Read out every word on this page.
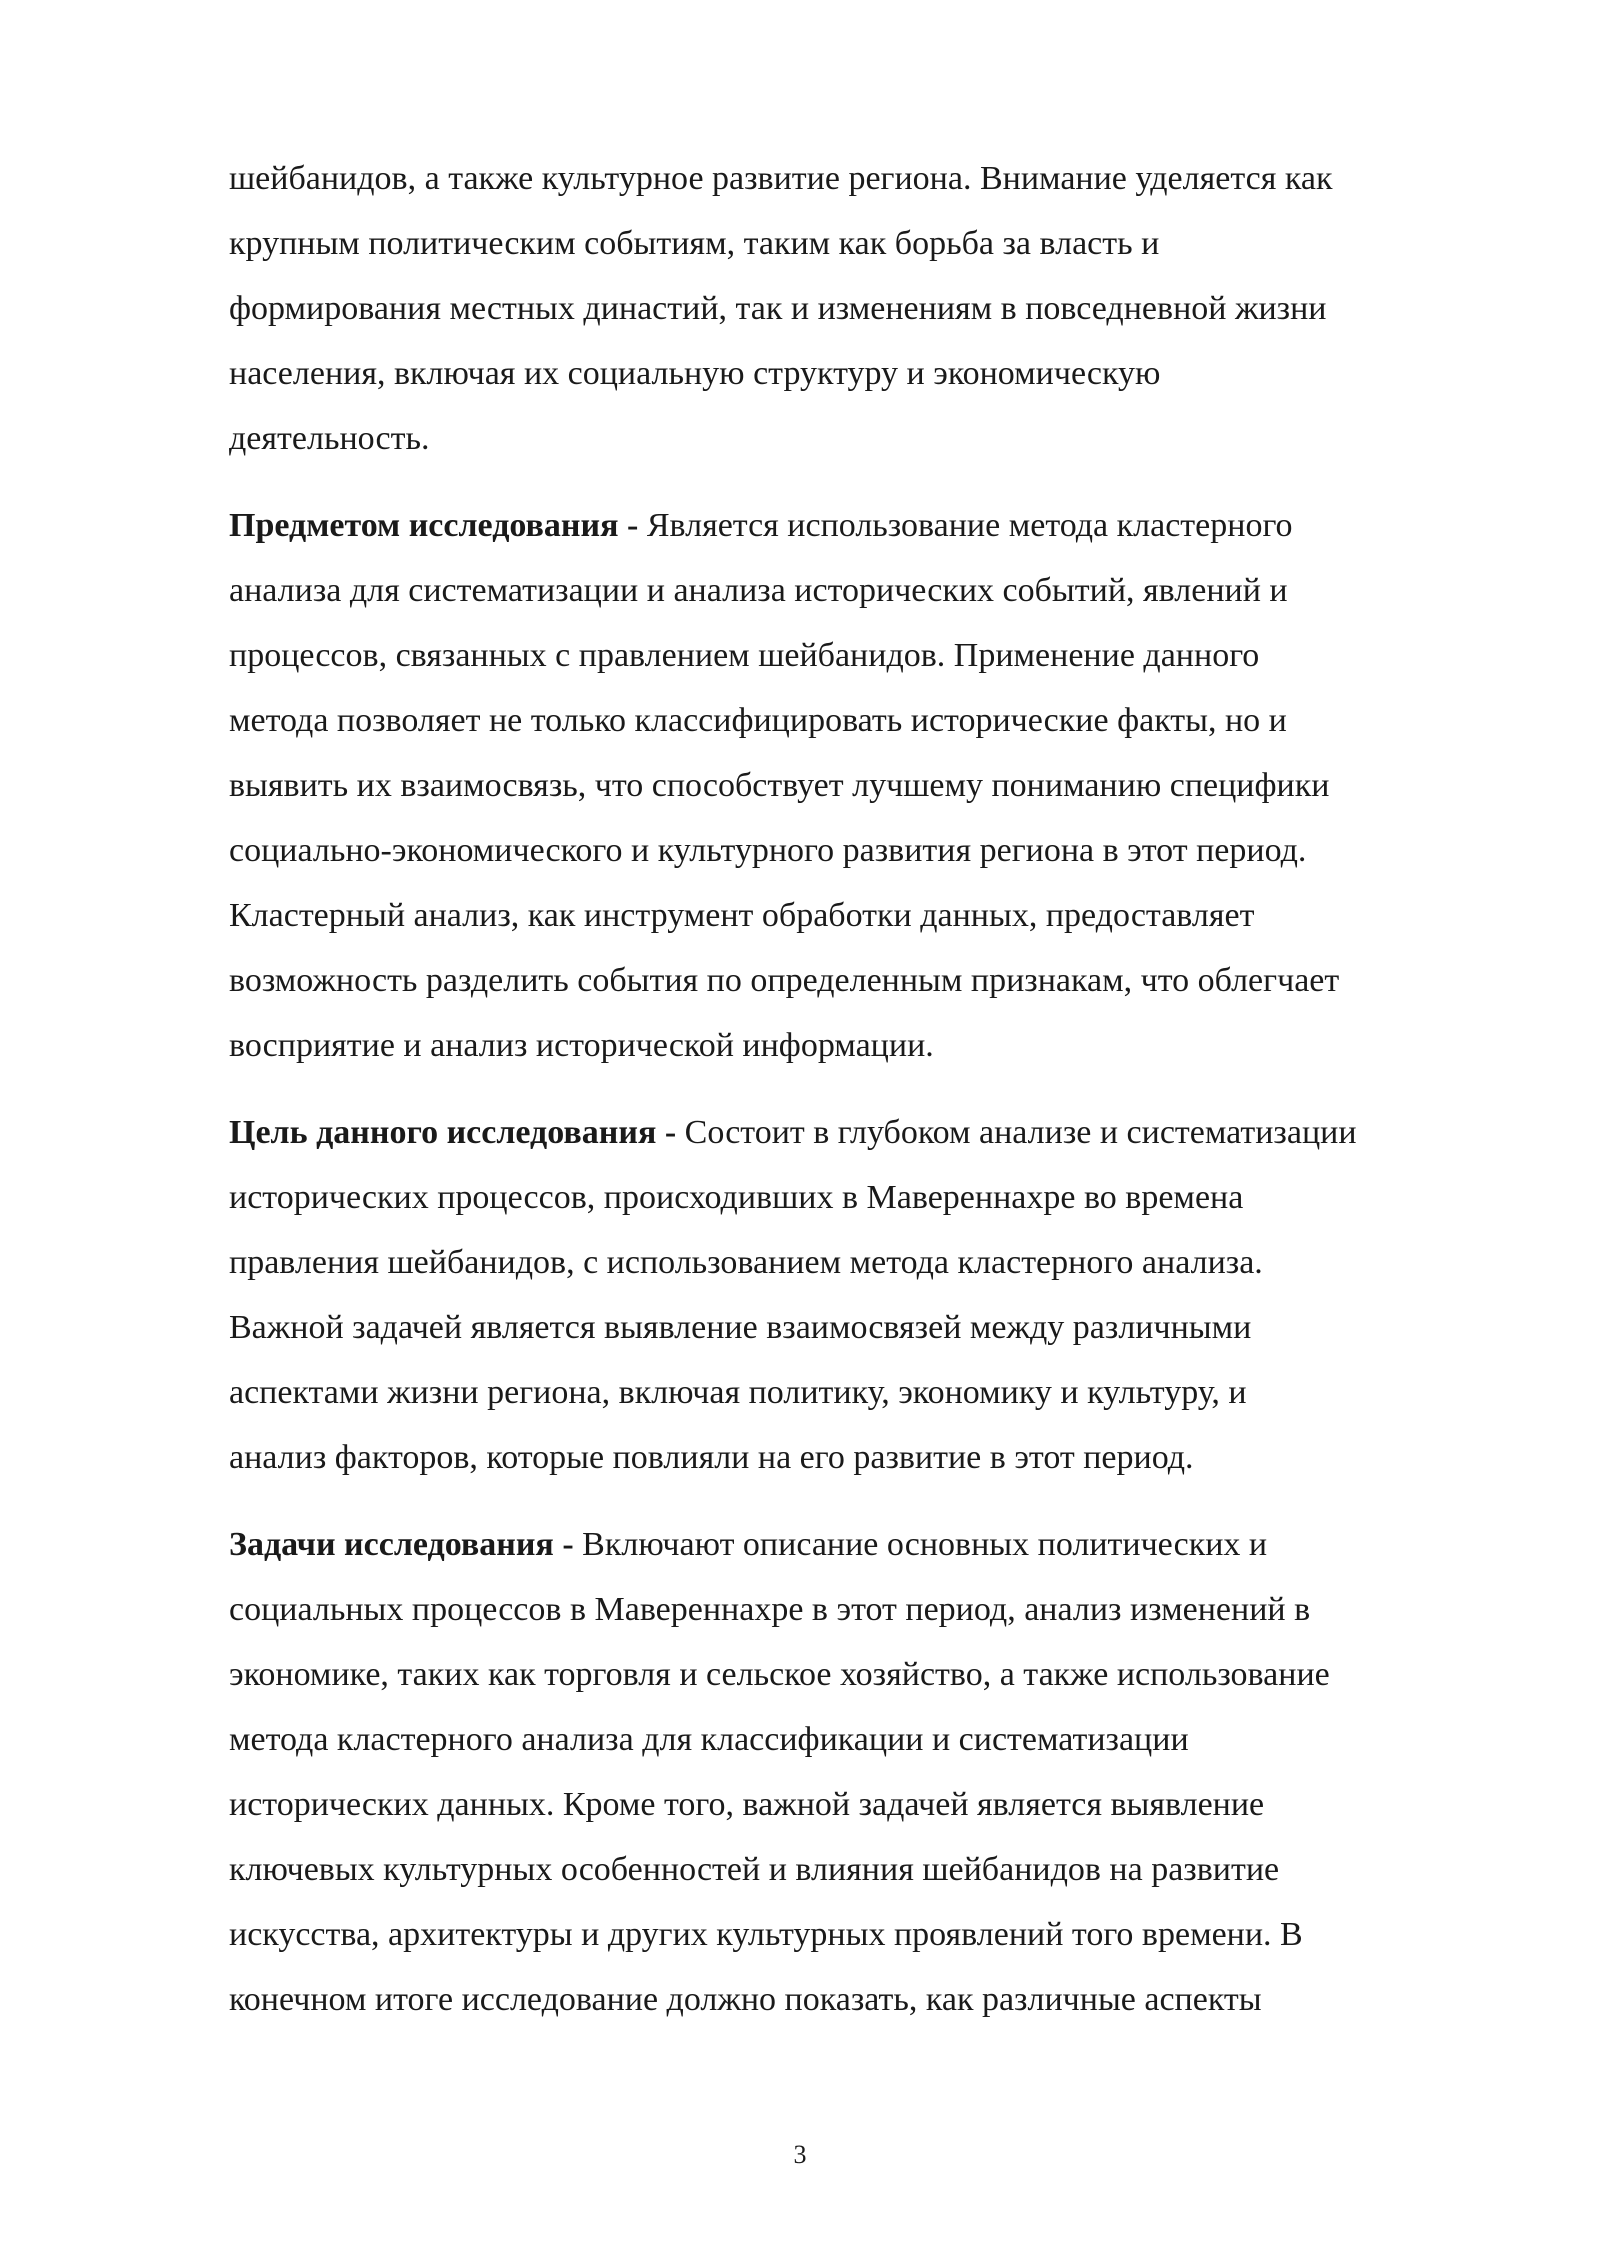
шейбанидов, а также культурное развитие региона. Внимание уделяется как
крупным политическим событиям, таким как борьба за власть и
формирования местных династий, так и изменениям в повседневной жизни
населения, включая их социальную структуру и экономическую
деятельность.

Предметом исследования - Является использование метода кластерного
анализа для систематизации и анализа исторических событий, явлений и
процессов, связанных с правлением шейбанидов. Применение данного
метода позволяет не только классифицировать исторические факты, но и
выявить их взаимосвязь, что способствует лучшему пониманию специфики
социально-экономического и культурного развития региона в этот период.
Кластерный анализ, как инструмент обработки данных, предоставляет
возможность разделить события по определенным признакам, что облегчает
восприятие и анализ исторической информации.

Цель данного исследования - Состоит в глубоком анализе и систематизации
исторических процессов, происходивших в Мавереннахре во времена
правления шейбанидов, с использованием метода кластерного анализа.
Важной задачей является выявление взаимосвязей между различными
аспектами жизни региона, включая политику, экономику и культуру, и
анализ факторов, которые повлияли на его развитие в этот период.

Задачи исследования - Включают описание основных политических и
социальных процессов в Мавереннахре в этот период, анализ изменений в
экономике, таких как торговля и сельское хозяйство, а также использование
метода кластерного анализа для классификации и систематизации
исторических данных. Кроме того, важной задачей является выявление
ключевых культурных особенностей и влияния шейбанидов на развитие
искусства, архитектуры и других культурных проявлений того времени. В
конечном итоге исследование должно показать, как различные аспекты

3
